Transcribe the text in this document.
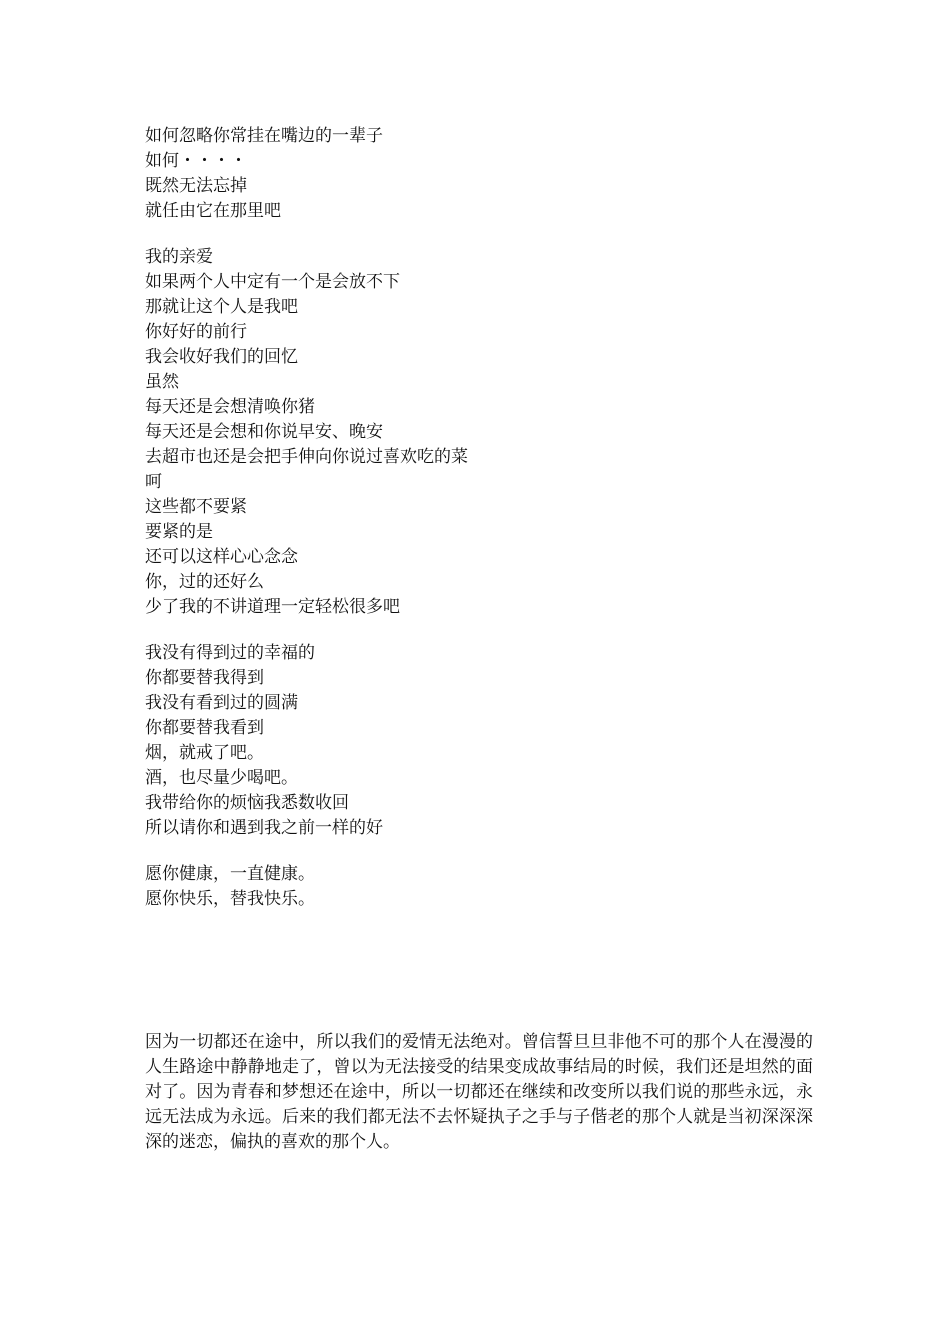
如何忽略你常挂在嘴边的一辈子
如何・・・・
既然无法忘掉
就任由它在那里吧
我的亲爱
如果两个人中定有一个是会放不下
那就让这个人是我吧
你好好的前行
我会收好我们的回忆
虽然
每天还是会想清唤你猪
每天还是会想和你说早安、晚安
去超市也还是会把手伸向你说过喜欢吃的菜
呵
这些都不要紧
要紧的是
还可以这样心心念念
你，过的还好么
少了我的不讲道理一定轻松很多吧
我没有得到过的幸福的
你都要替我得到
我没有看到过的圆满
你都要替我看到
烟，就戒了吧。
酒，也尽量少喝吧。
我带给你的烦恼我悉数收回
所以请你和遇到我之前一样的好
愿你健康，一直健康。
愿你快乐，替我快乐。

因为一切都还在途中，所以我们的爱情无法绝对。曾信誓旦旦非他不可的那个人在漫漫的人生路途中静静地走了，曾以为无法接受的结果变成故事结局的时候，我们还是坦然的面对了。因为青春和梦想还在途中，所以一切都还在继续和改变所以我们说的那些永远，永远无法成为永远。后来的我们都无法不去怀疑执子之手与子偕老的那个人就是当初深深深深的迷恋，偏执的喜欢的那个人。
